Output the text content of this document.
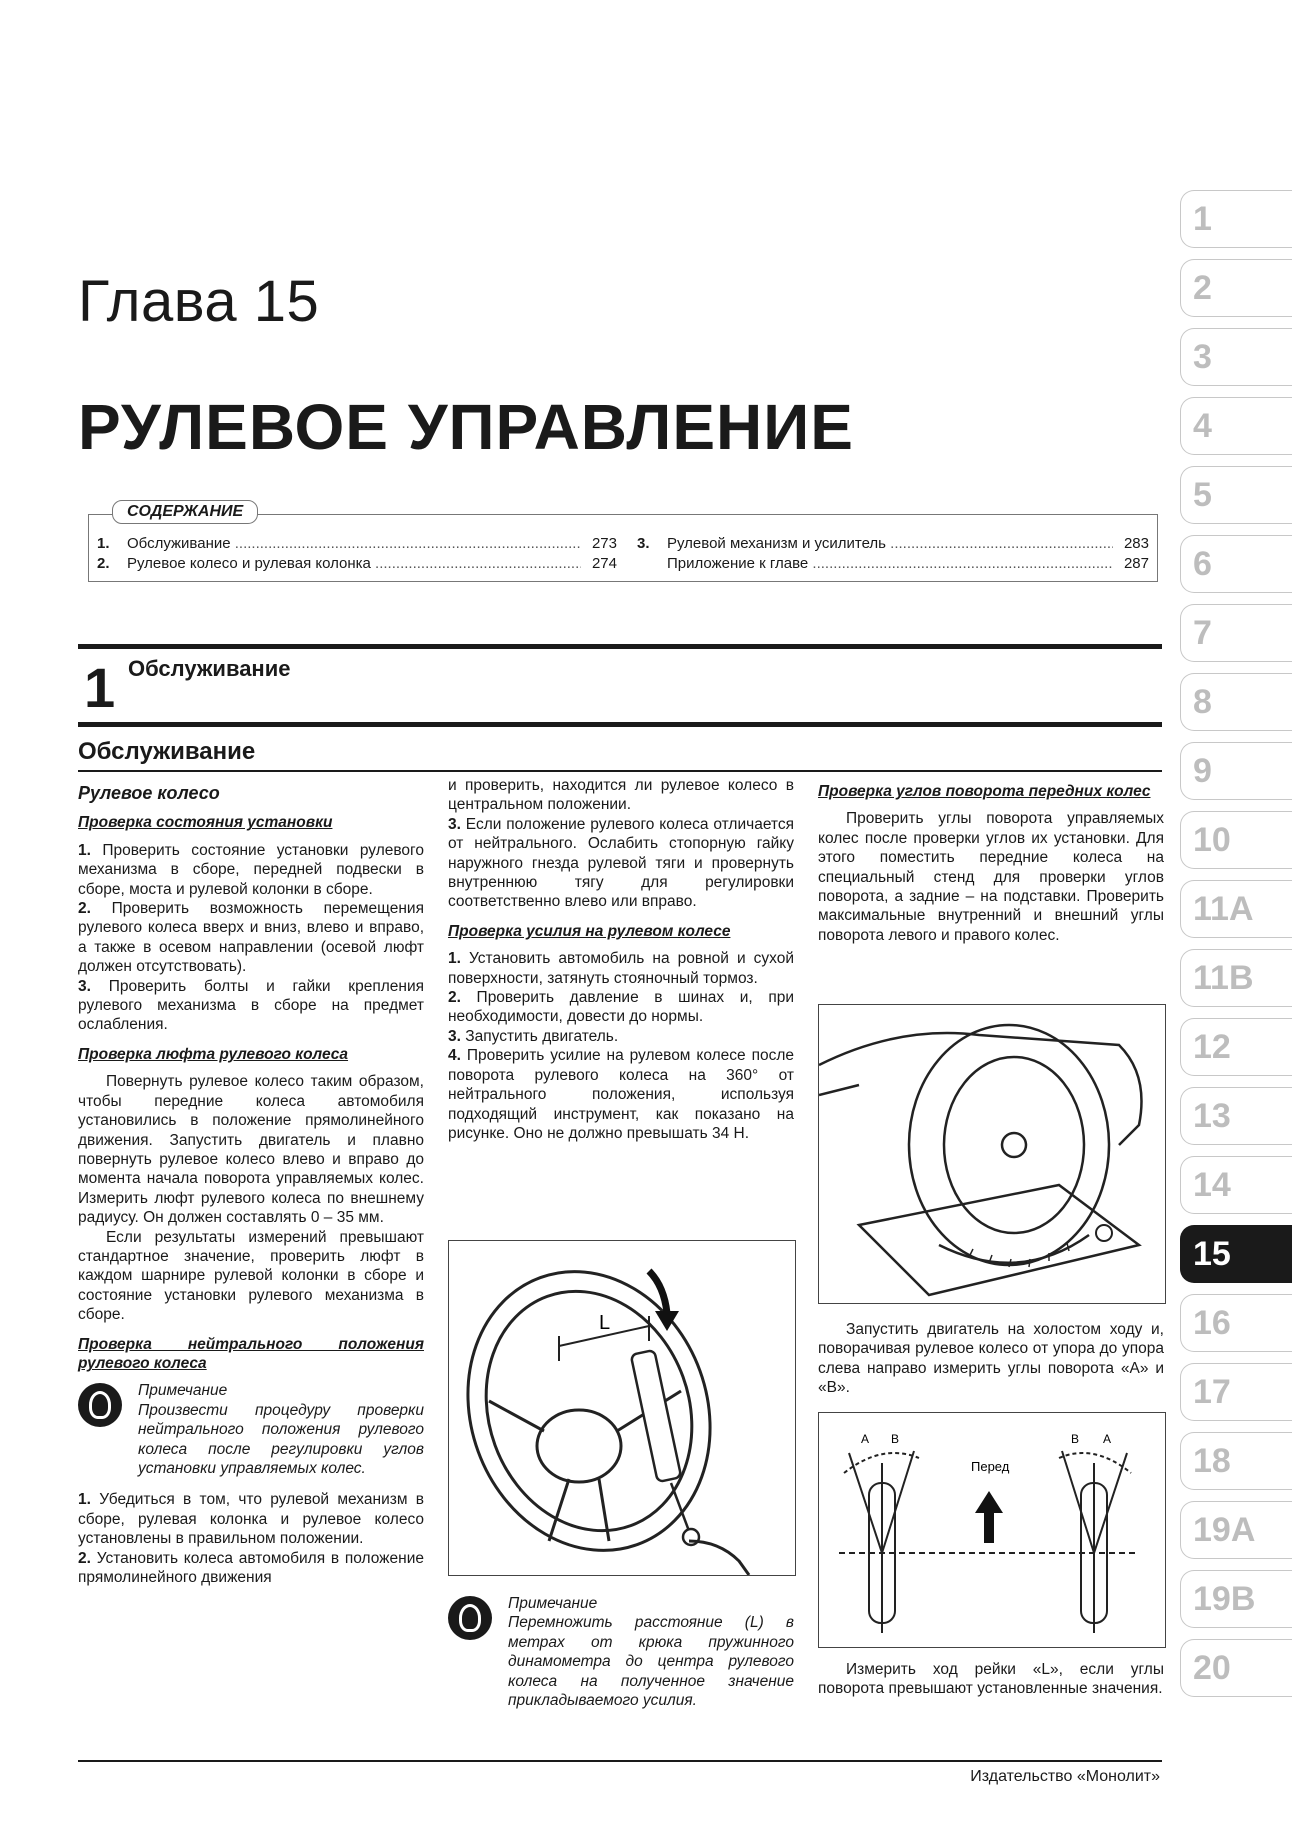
Глава 15
РУЛЕВОЕ УПРАВЛЕНИЕ
1.	Обслуживание .....	273
2.	Рулевое колесо и рулевая колонка .....	274
3.	Рулевой механизм и усилитель .....	283
Приложение к главе .....	287
СОДЕРЖАНИЕ
1 Обслуживание
Обслуживание

Рулевое колесо

Проверка состояния установки

1. Проверить состояние установки рулевого механизма в сборе, передней подвески в сборе, моста и рулевой колонки в сборе.

2. Проверить возможность перемещения рулевого колеса вверх и вниз, влево и вправо, а также в осевом направлении (осевой люфт должен отсутствовать).

3. Проверить болты и гайки крепления рулевого механизма в сборе на предмет ослабления.

Проверка люфта рулевого колеса

Повернуть рулевое колесо таким образом, чтобы передние колеса автомобиля установились в положение прямолинейного движения. Запустить двигатель и плавно повернуть рулевое колесо влево и вправо до момента начала поворота управляемых колес. Измерить люфт рулевого колеса по внешнему радиусу. Он должен составлять 0 – 35 мм.

Если результаты измерений превышают стандартное значение, проверить люфт в каждом шарнире рулевой колонки в сборе и состояние установки рулевого механизма в сборе.

Проверка нейтрального положения рулевого колеса

Примечание

Произвести процедуру проверки нейтрального положения рулевого колеса после регулировки углов установки управляемых колес.

1. Убедиться в том, что рулевой механизм в сборе, рулевая колонка и рулевое колесо установлены в правильном положении.

2. Установить колеса автомобиля в положение прямолинейного движения

и проверить, находится ли рулевое колесо в центральном положении.

3. Если положение рулевого колеса отличается от нейтрального. Ослабить стопорную гайку наружного гнезда рулевой тяги и провернуть внутреннюю тягу для регулировки соответственно влево или вправо.

Проверка усилия на рулевом колесе

1. Установить автомобиль на ровной и сухой поверхности, затянуть стояночный тормоз.

2. Проверить давление в шинах и, при необходимости, довести до нормы.

3. Запустить двигатель.

4. Проверить усилие на рулевом колесе после поворота рулевого колеса на 360° от нейтрального положения, используя подходящий инструмент, как показано на рисунке. Оно не должно превышать 34 Н.

L

Примечание

Перемножить расстояние (L) в метрах от крюка пружинного динамометра до центра рулевого колеса на полученное значение прикладываемого усилия.

Проверка углов поворота передних колес

Проверить углы поворота управляемых колес после проверки углов их установки. Для этого поместить передние колеса на специальный стенд для проверки углов поворота, а задние – на подставки. Проверить максимальные внутренний и внешний углы поворота левого и правого колес.

Запустить двигатель на холостом ходу и, поворачивая рулевое колесо от упора до упора слева направо измерить углы поворота «A» и «B».

A B	B A
Перед

Измерить ход рейки «L», если углы поворота превышают установленные значения.

1
2
3
4
5
6
7
8
9
10
11A
11B
12
13
14
15
16
17
18
19A
19B
20
Издательство «Монолит»
